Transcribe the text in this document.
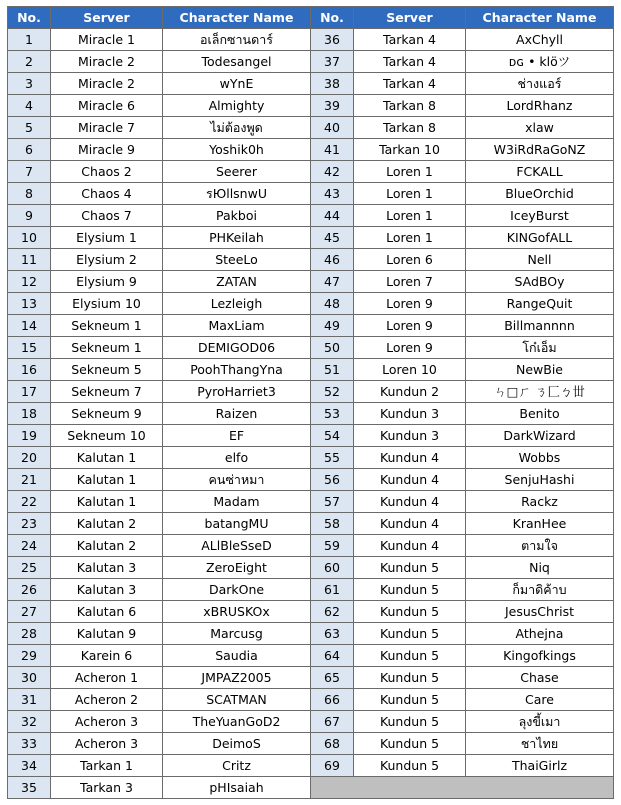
No.	Server	Character Name	No.	Server	Character Name
1	Miracle 1	อเล็กซานดาร์	36	Tarkan 4	AxChyll
2	Miracle 2	Todesangel	37	Tarkan 4	ᴅɢ • klöツ
3	Miracle 2	wYnE	38	Tarkan 4	ช่างแอร์
4	Miracle 6	Almighty	39	Tarkan 8	LordRhanz
5	Miracle 7	ไม่ต้องพูด	40	Tarkan 8	xlaw
6	Miracle 9	Yoshik0h	41	Tarkan 10	W3iRdRaGoNZ
7	Chaos 2	Seerer	42	Loren 1	FCKALL
8	Chaos 4	รЮllsnwU	43	Loren 1	BlueOrchid
9	Chaos 7	Pakboi	44	Loren 1	IceyBurst
10	Elysium 1	PHKeilah	45	Loren 1	KINGofALL
11	Elysium 2	SteeLo	46	Loren 6	Nell
12	Elysium 9	ZATAN	47	Loren 7	SAdBOy
13	Elysium 10	Lezleigh	48	Loren 9	RangeQuit
14	Sekneum 1	MaxLiam	49	Loren 9	Billmannnn
15	Sekneum 1	DEMIGOD06	50	Loren 9	โก๋เอ็ม
16	Sekneum 5	PoohThangYna	51	Loren 10	NewBie
17	Sekneum 7	PyroHarriet3	52	Kundun 2	ㄣ□ㄏ ㄋ匚ㄅ丗
18	Sekneum 9	Raizen	53	Kundun 3	Benito
19	Sekneum 10	EF	54	Kundun 3	DarkWizard
20	Kalutan 1	elfo	55	Kundun 4	Wobbs
21	Kalutan 1	คนซ่าหมา	56	Kundun 4	SenjuHashi
22	Kalutan 1	Madam	57	Kundun 4	Rackz
23	Kalutan 2	batangMU	58	Kundun 4	KranHee
24	Kalutan 2	ALlBleSseD	59	Kundun 4	ตามใจ
25	Kalutan 3	ZeroEight	60	Kundun 5	Niq
26	Kalutan 3	DarkOne	61	Kundun 5	ก็มาดิค้าบ
27	Kalutan 6	xBRUSKOx	62	Kundun 5	JesusChrist
28	Kalutan 9	Marcusg	63	Kundun 5	Athejna
29	Karein 6	Saudia	64	Kundun 5	Kingofkings
30	Acheron 1	JMPAZ2005	65	Kundun 5	Chase
31	Acheron 2	SCATMAN	66	Kundun 5	Care
32	Acheron 3	TheYuanGoD2	67	Kundun 5	ลุงขี้เมา
33	Acheron 3	DeimoS	68	Kundun 5	ชาไทย
34	Tarkan 1	Critz	69	Kundun 5	ThaiGirlz
35	Tarkan 3	pHIsaiah			
